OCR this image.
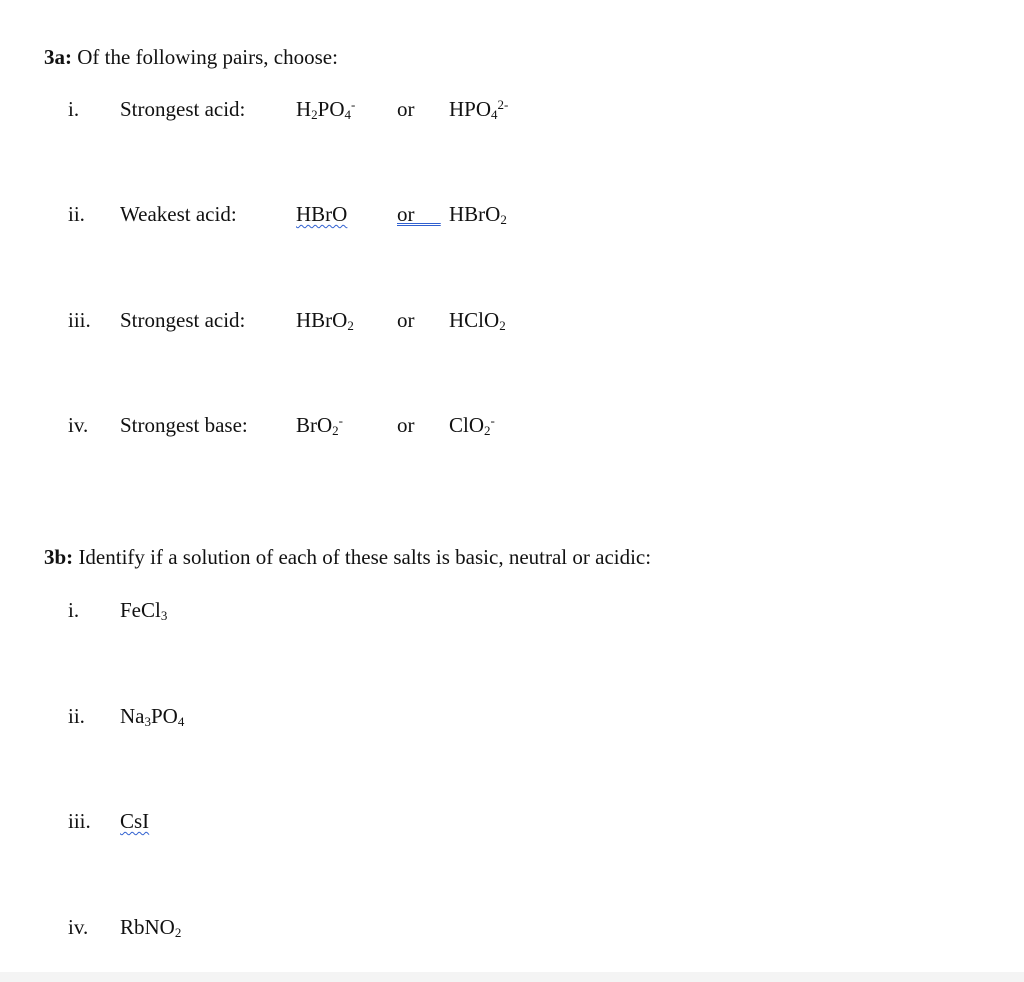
3a: Of the following pairs, choose:
i. Strongest acid: $H_2PO_4^-$ or $HPO_4^{2-}$
ii. Weakest acid:	HBrO or	HBrO$_2$
iii. Strongest acid: HBrO$_2$ or HClO$_2$
iv. Strongest base: BrO$_2$-	or ClO$_2$-
3b: Identify if a solution of each of these salts is basic, neutral or acidic:
i. FeCl$_3$
ii. $Na_3PO_4$
iii. CsI
iv. RbNO$_2$
